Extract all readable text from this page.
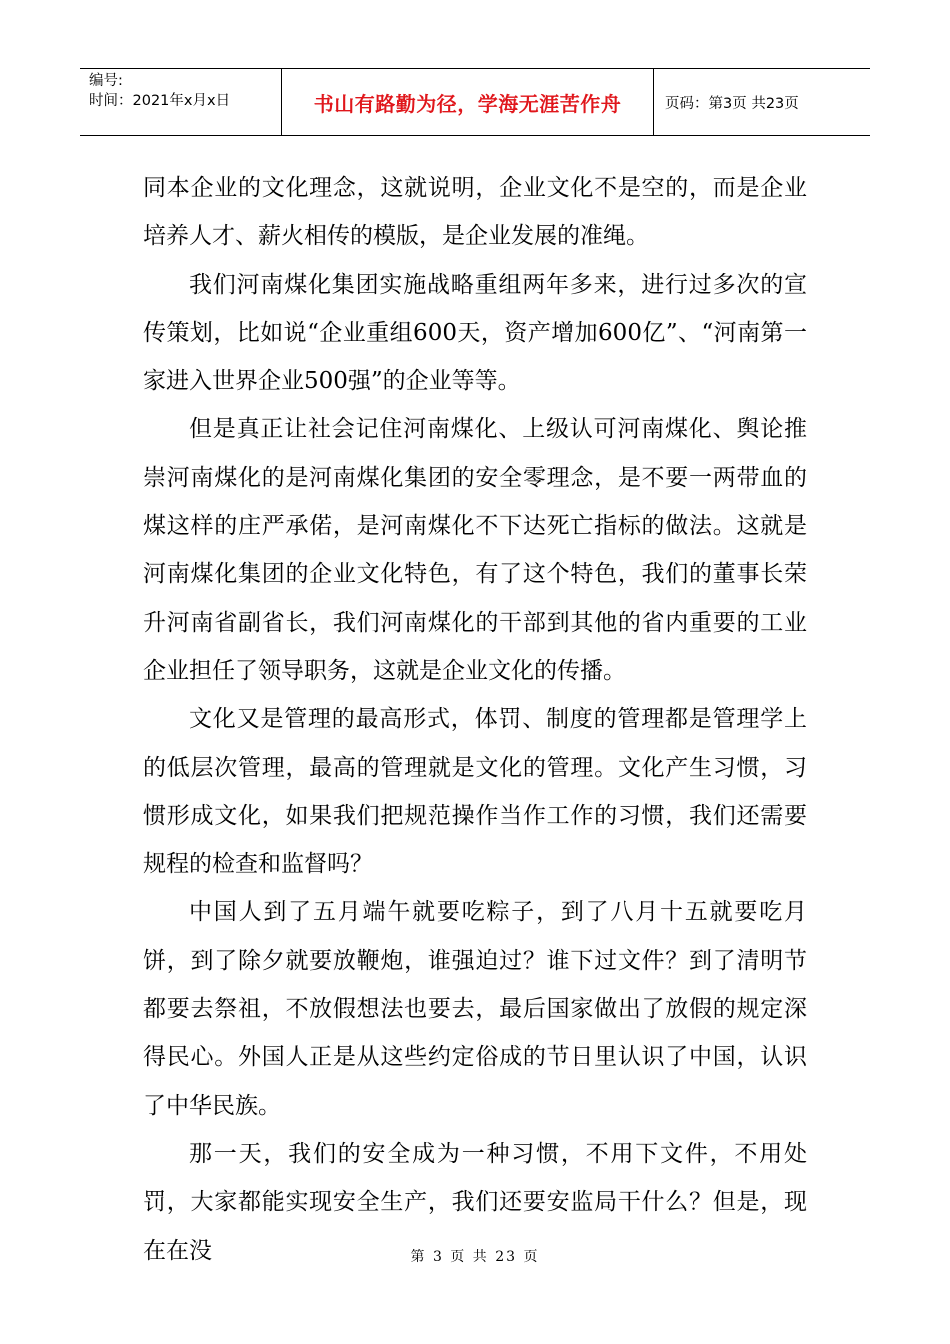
编号:
时间：2021年x月x日	书山有路勤为径，学海无涯苦作舟	页码：第3页 共23页

同本企业的文化理念，这就说明，企业文化不是空的，而是企业培养人才、薪火相传的模版，是企业发展的准绳。

我们河南煤化集团实施战略重组两年多来，进行过多次的宣传策划，比如说“企业重组600天，资产增加600亿”、“河南第一家进入世界企业500强”的企业等等。

但是真正让社会记住河南煤化、上级认可河南煤化、舆论推崇河南煤化的是河南煤化集团的安全零理念，是不要一两带血的煤这样的庄严承偌，是河南煤化不下达死亡指标的做法。这就是河南煤化集团的企业文化特色，有了这个特色，我们的董事长荣升河南省副省长，我们河南煤化的干部到其他的省内重要的工业企业担任了领导职务，这就是企业文化的传播。

文化又是管理的最高形式，体罚、制度的管理都是管理学上的低层次管理，最高的管理就是文化的管理。文化产生习惯，习惯形成文化，如果我们把规范操作当作工作的习惯，我们还需要规程的检查和监督吗？

中国人到了五月端午就要吃粽子，到了八月十五就要吃月饼，到了除夕就要放鞭炮，谁强迫过？谁下过文件？到了清明节都要去祭祖，不放假想法也要去，最后国家做出了放假的规定深得民心。外国人正是从这些约定俗成的节日里认识了中国，认识了中华民族。

那一天，我们的安全成为一种习惯，不用下文件，不用处罚，大家都能实现安全生产，我们还要安监局干什么？但是，现在在没	第 3 页 共 23 页
